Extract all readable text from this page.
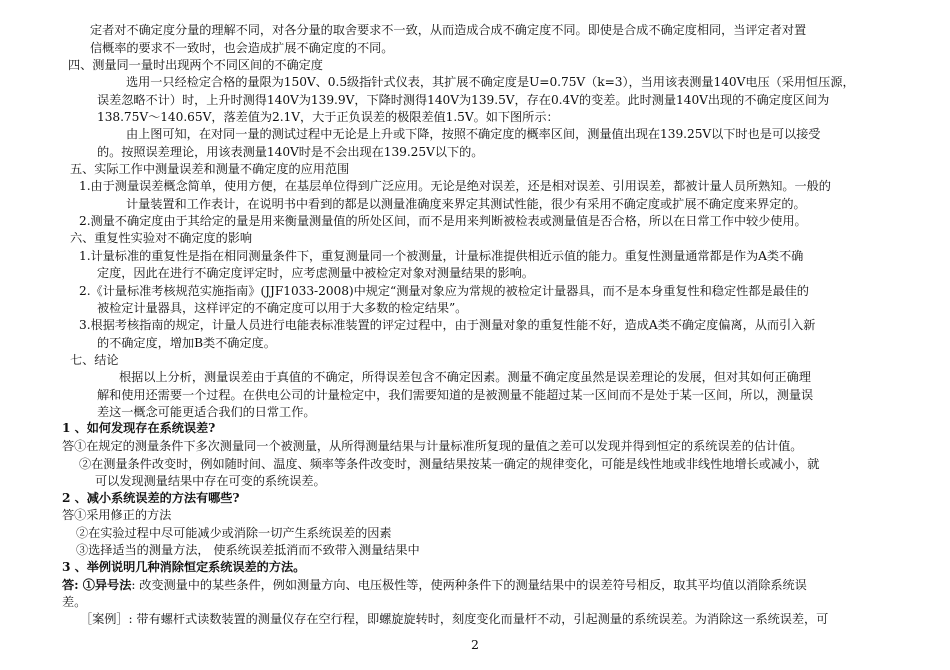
定者对不确定度分量的理解不同，对各分量的取舍要求不一致，从而造成合成不确定度不同。即使是合成不确定度相同，当评定者对置

信概率的要求不一致时，也会造成扩展不确定度的不同。

四、测量同一量时出现两个不同区间的不确定度

选用一只经检定合格的量限为150V、0.5级指针式仪表，其扩展不确定度是U=0.75V（k=3），当用该表测量140V电压（采用恒压源，

误差忽略不计）时，上升时测得140V为139.9V，下降时测得140V为139.5V，存在0.4V的变差。此时测量140V出现的不确定度区间为

138.75V～140.65V，落差值为2.1V，大于正负误差的极限差值1.5V。如下图所示：

由上图可知，在对同一量的测试过程中无论是上升或下降，按照不确定度的概率区间，测量值出现在139.25V以下时也是可以接受

的。按照误差理论，用该表测量140V时是不会出现在139.25V以下的。

五、实际工作中测量误差和测量不确定度的应用范围

1.由于测量误差概念简单，使用方便，在基层单位得到广泛应用。无论是绝对误差，还是相对误差、引用误差，都被计量人员所熟知。一般的

计量装置和工作表计，在说明书中看到的都是以测量准确度来界定其测试性能，很少有采用不确定度或扩展不确定度来界定的。

2.测量不确定度由于其给定的量是用来衡量测量值的所处区间，而不是用来判断被检表或测量值是否合格，所以在日常工作中较少使用。

六、重复性实验对不确定度的影响

1.计量标准的重复性是指在相同测量条件下，重复测量同一个被测量，计量标准提供相近示值的能力。重复性测量通常都是作为A类不确

定度，因此在进行不确定度评定时，应考虑测量中被检定对象对测量结果的影响。

2.《计量标准考核规范实施指南》(JJF1033-2008)中规定“测量对象应为常规的被检定计量器具，而不是本身重复性和稳定性都是最佳的

被检定计量器具，这样评定的不确定度可以用于大多数的检定结果”。

3.根据考核指南的规定，计量人员进行电能表标准装置的评定过程中，由于测量对象的重复性能不好，造成A类不确定度偏离，从而引入新

的不确定度，增加B类不确定度。

七、结论

根据以上分析，测量误差由于真值的不确定，所得误差包含不确定因素。测量不确定度虽然是误差理论的发展，但对其如何正确理

解和使用还需要一个过程。在供电公司的计量检定中，我们需要知道的是被测量不能超过某一区间而不是处于某一区间，所以，测量误

差这一概念可能更适合我们的日常工作。

1 、如何发现存在系统误差?

答①在规定的测量条件下多次测量同一个被测量，从所得测量结果与计量标准所复现的量值之差可以发现并得到恒定的系统误差的估计值。

②在测量条件改变时，例如随时间、温度、频率等条件改变时，测量结果按某一确定的规律变化，可能是线性地或非线性地增长或减小，就

可以发现测量结果中存在可变的系统误差。

2 、减小系统误差的方法有哪些?

答①采用修正的方法

②在实验过程中尽可能减少或消除一切产生系统误差的因素

③选择适当的测量方法， 使系统误差抵消而不致带入测量结果中

3 、举例说明几种消除恒定系统误差的方法。

答: ①异号法: 改变测量中的某些条件，例如测量方向、电压极性等，使两种条件下的测量结果中的误差符号相反，取其平均值以消除系统误

差。

［案例］: 带有螺杆式读数装置的测量仪存在空行程，即螺旋旋转时，刻度变化而量杆不动，引起测量的系统误差。为消除这一系统误差，可

2
